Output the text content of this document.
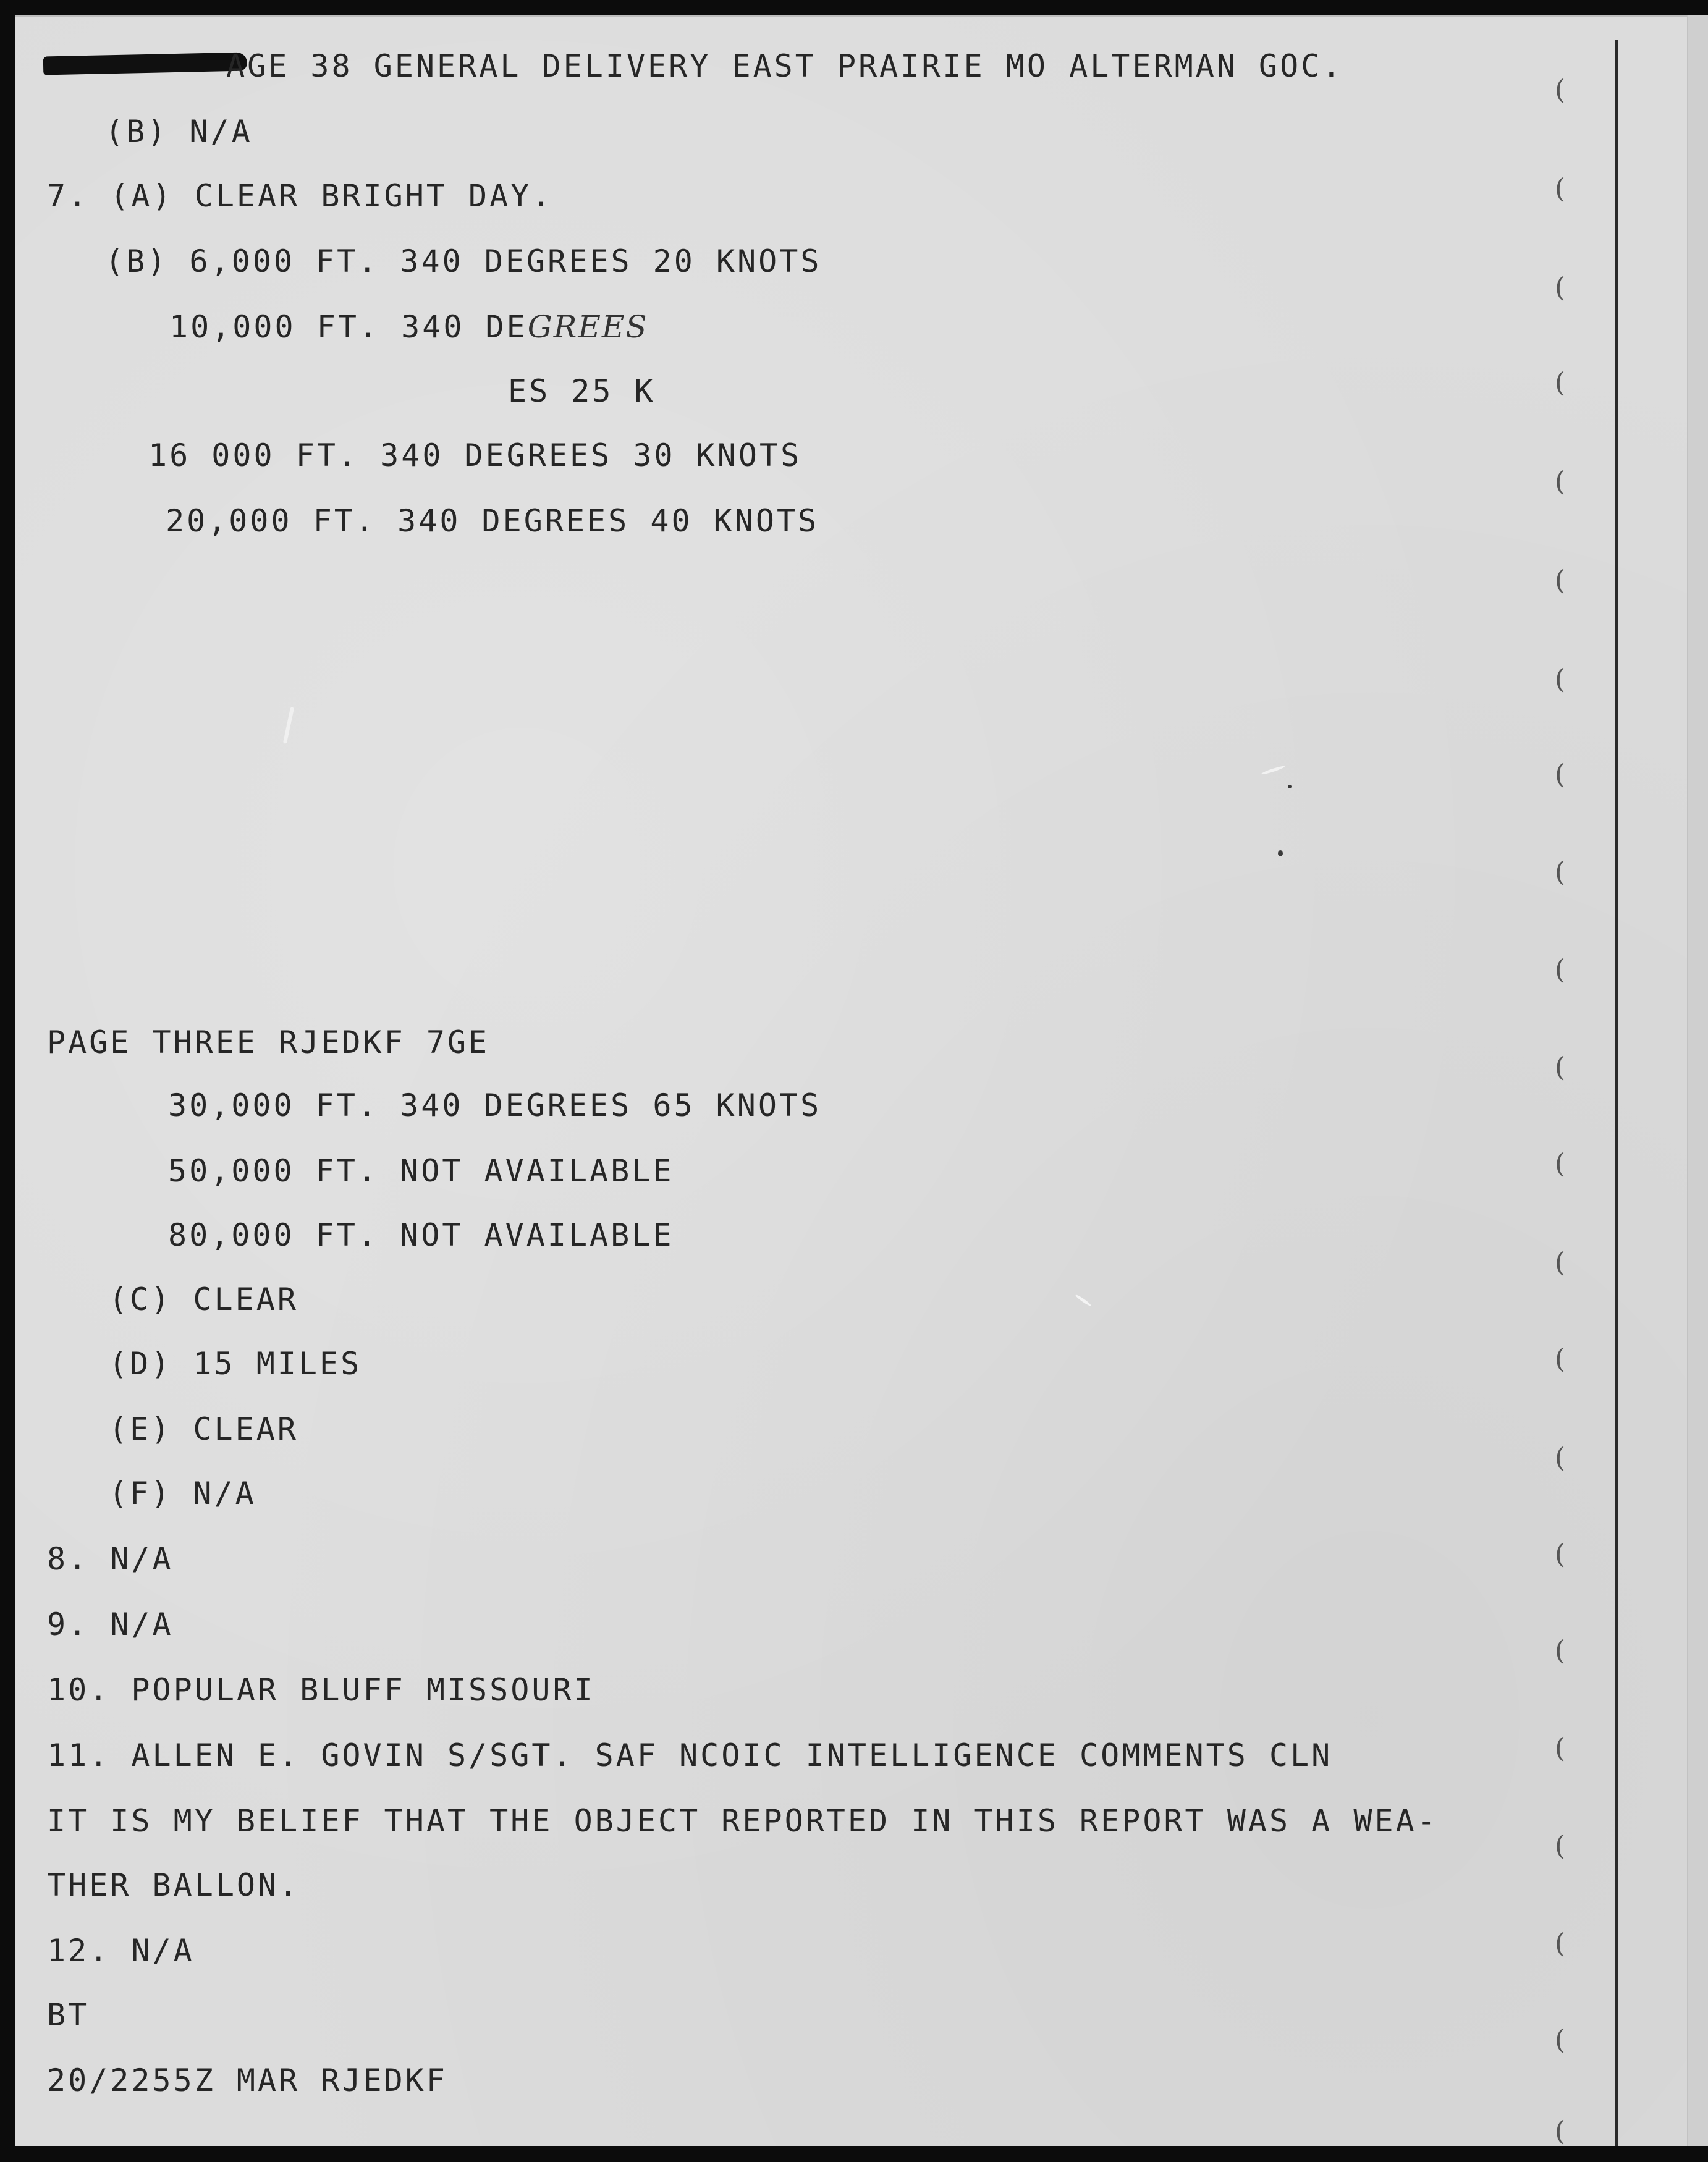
AGE 38 GENERAL DELIVERY EAST PRAIRIE MO ALTERMAN GOC.
(B) N/A
7. (A) CLEAR BRIGHT DAY.
(B) 6,000 FT. 340 DEGREES 20 KNOTS
10,000 FT. 340 DEGREES
ES 25 K
16 000 FT. 340 DEGREES 30 KNOTS
20,000 FT. 340 DEGREES 40 KNOTS
PAGE THREE RJEDKF 7GE
30,000 FT. 340 DEGREES 65 KNOTS
50,000 FT. NOT AVAILABLE
80,000 FT. NOT AVAILABLE
(C) CLEAR
(D) 15 MILES
(E) CLEAR
(F) N/A
8. N/A
9. N/A
10. POPULAR BLUFF MISSOURI
11. ALLEN E. GOVIN S/SGT. SAF NCOIC INTELLIGENCE COMMENTS CLN
IT IS MY BELIEF THAT THE OBJECT REPORTED IN THIS REPORT WAS A WEA-
THER BALLON.
12. N/A
BT
20/2255Z MAR RJEDKF
(
(
(
(
(
(
(
(
(
(
(
(
(
(
(
(
(
(
(
(
(
(
